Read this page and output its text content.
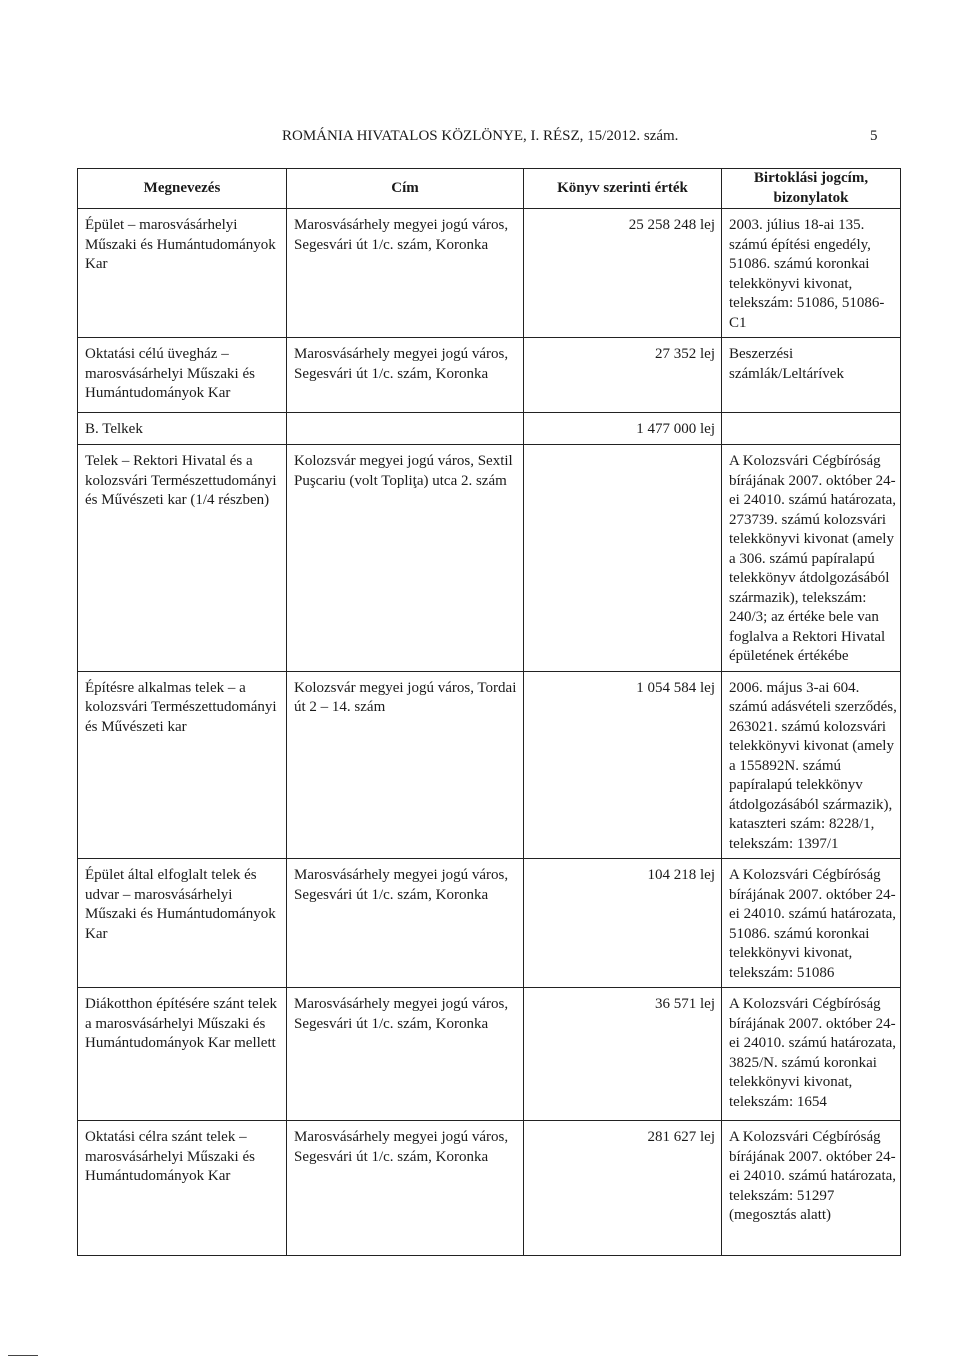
ROMÁNIA HIVATALOS KÖZLÖNYE, I. RÉSZ, 15/2012. szám.	5
Megnevezés	Cím	Könyv szerinti érték	Birtoklási jogcím, bizonylatok
Épület – marosvásárhelyi Műszaki és Humántudományok Kar	Marosvásárhely megyei jogú város, Segesvári út 1/c. szám, Koronka	25 258 248 lej	2003. július 18-ai 135. számú építési engedély, 51086. számú koronkai telekkönyvi kivonat, telekszám: 51086, 51086-C1
Oktatási célú üvegház – marosvásárhelyi Műszaki és Humántudományok Kar	Marosvásárhely megyei jogú város, Segesvári út 1/c. szám, Koronka	27 352 lej	Beszerzési számlák/Leltárívek
B. Telkek		1 477 000 lej	
Telek – Rektori Hivatal és a kolozsvári Természettudományi és Művészeti kar (1/4 részben)	Kolozsvár megyei jogú város, Sextil Puşcariu (volt Topliţa) utca 2. szám		A Kolozsvári Cégbíróság bírájának 2007. október 24-ei 24010. számú határozata, 273739. számú kolozsvári telekkönyvi kivonat (amely a 306. számú papíralapú telekkönyv átdolgozásából származik), telekszám: 240/3; az értéke bele van foglalva a Rektori Hivatal épületének értékébe
Építésre alkalmas telek – a kolozsvári Természettudományi és Művészeti kar	Kolozsvár megyei jogú város, Tordai út 2 – 14. szám	1 054 584 lej	2006. május 3-ai 604. számú adásvételi szerződés, 263021. számú kolozsvári telekkönyvi kivonat (amely a 155892N. számú papíralapú telekkönyv átdolgozásából származik), kataszteri szám: 8228/1, telekszám: 1397/1
Épület által elfoglalt telek és udvar – marosvásárhelyi Műszaki és Humántudományok Kar	Marosvásárhely megyei jogú város, Segesvári út 1/c. szám, Koronka	104 218 lej	A Kolozsvári Cégbíróság bírájának 2007. október 24-ei 24010. számú határozata, 51086. számú koronkai telekkönyvi kivonat, telekszám: 51086
Diákotthon építésére szánt telek a marosvásárhelyi Műszaki és Humántudományok Kar mellett	Marosvásárhely megyei jogú város, Segesvári út 1/c. szám, Koronka	36 571 lej	A Kolozsvári Cégbíróság bírájának 2007. október 24-ei 24010. számú határozata, 3825/N. számú koronkai telekkönyvi kivonat, telekszám: 1654
Oktatási célra szánt telek – marosvásárhelyi Műszaki és Humántudományok Kar	Marosvásárhely megyei jogú város, Segesvári út 1/c. szám, Koronka	281 627 lej	A Kolozsvári Cégbíróság bírájának 2007. október 24-ei 24010. számú határozata, telekszám: 51297 (megosztás alatt)
